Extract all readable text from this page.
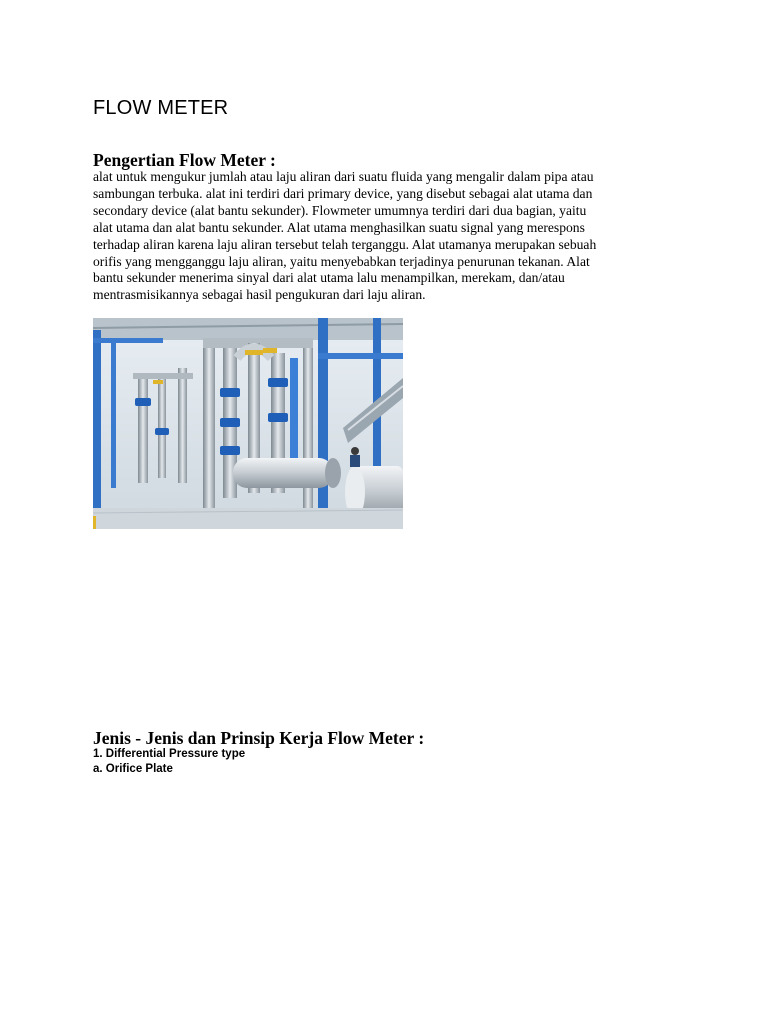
FLOW METER
Pengertian Flow Meter :

alat untuk mengukur jumlah atau laju aliran dari suatu fluida yang mengalir dalam pipa atau
sambungan terbuka. alat ini terdiri dari primary device, yang disebut sebagai alat utama dan
secondary device (alat bantu sekunder). Flowmeter umumnya terdiri dari dua bagian, yaitu
alat utama dan alat bantu sekunder. Alat utama menghasilkan suatu signal yang merespons
terhadap aliran karena laju aliran tersebut telah terganggu. Alat utamanya merupakan sebuah
orifis yang mengganggu laju aliran, yaitu menyebabkan terjadinya penurunan tekanan. Alat
bantu sekunder menerima sinyal dari alat utama lalu menampilkan, merekam, dan/atau
mentrasmisikannya sebagai hasil pengukuran dari laju aliran.

Jenis - Jenis dan Prinsip Kerja Flow Meter :

1. Differential Pressure type

a. Orifice Plate
